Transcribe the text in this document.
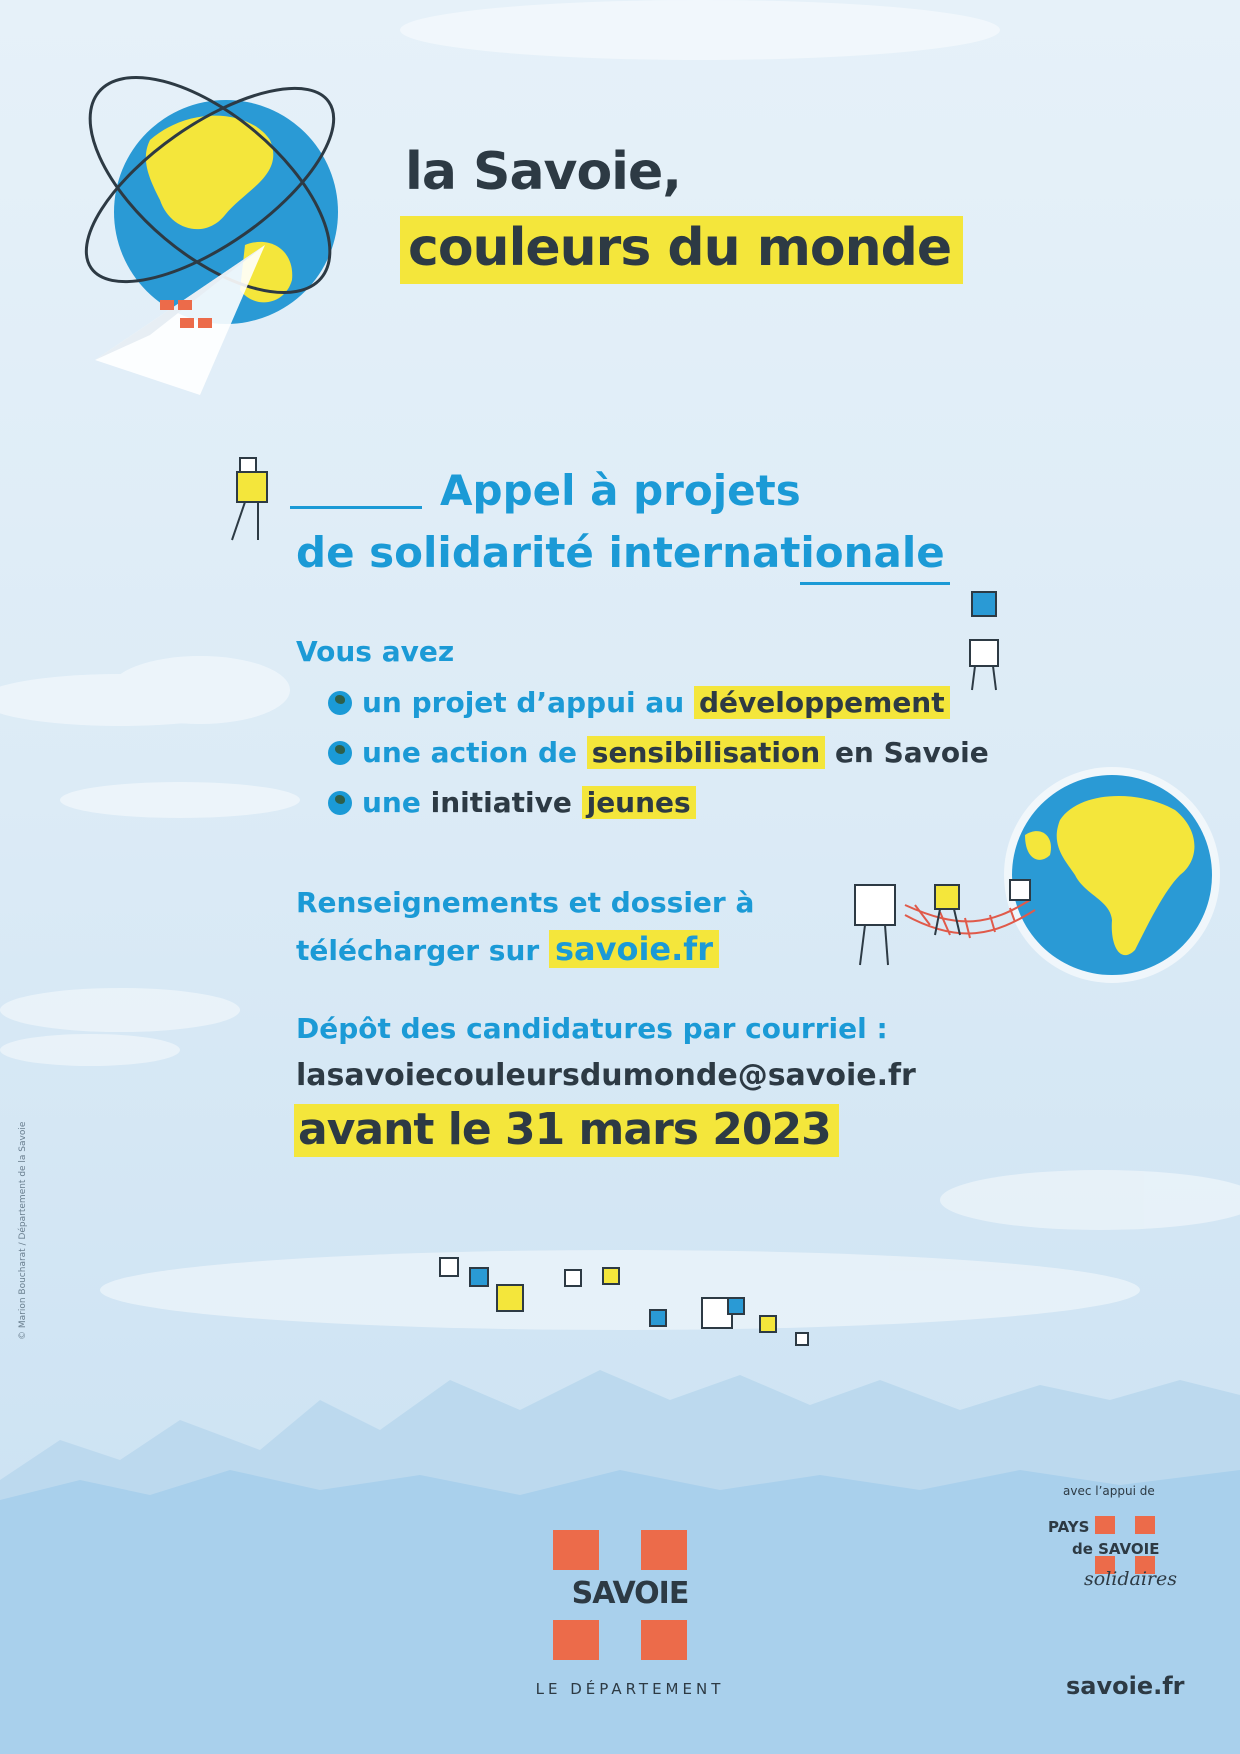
la Savoie,
couleurs du monde
Appel à projets
de solidarité internationale
Vous avez
un projet d’appui au
développement
une action de
sensibilisation
en Savoie
une
initiative
jeunes
Renseignements et dossier à
télécharger sur savoie.fr
Dépôt des candidatures par courriel :
lasavoiecouleursdumonde@savoie.fr
avant le 31 mars 2023
© Marion Boucharat / Département de la Savoie
SAVOIE
LE DÉPARTEMENT
avec l’appui de
PAYS
de SAVOIE
solidaires
savoie.fr
